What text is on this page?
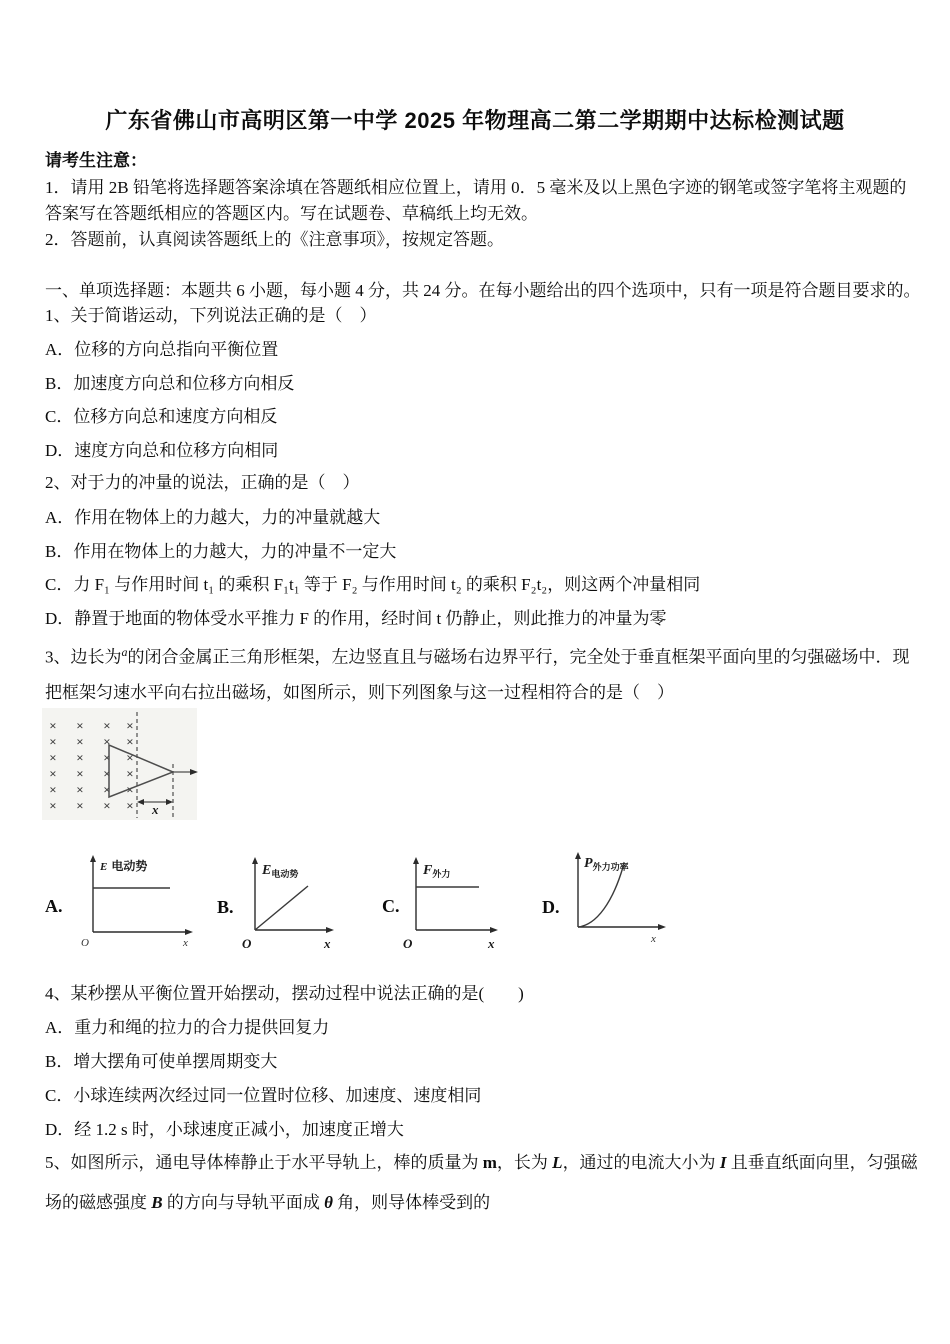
广东省佛山市高明区第一中学 2025 年物理高二第二学期期中达标检测试题
请考生注意：
1．请用 2B 铅笔将选择题答案涂填在答题纸相应位置上，请用 0．5 毫米及以上黑色字迹的钢笔或签字笔将主观题的
答案写在答题纸相应的答题区内。写在试题卷、草稿纸上均无效。
2．答题前，认真阅读答题纸上的《注意事项》，按规定答题。
一、单项选择题：本题共 6 小题，每小题 4 分，共 24 分。在每小题给出的四个选项中，只有一项是符合题目要求的。
1、关于简谐运动，下列说法正确的是（　）
A．位移的方向总指向平衡位置
B．加速度方向总和位移方向相反
C．位移方向总和速度方向相反
D．速度方向总和位移方向相同
2、对于力的冲量的说法，正确的是（　）
A．作用在物体上的力越大，力的冲量就越大
B．作用在物体上的力越大，力的冲量不一定大
C．力 F₁ 与作用时间 t₁ 的乘积 F₁t₁ 等于 F₂ 与作用时间 t₂ 的乘积 F₂t₂，则这两个冲量相同
D．静置于地面的物体受水平推力 F 的作用，经时间 t 仍静止，则此推力的冲量为零
3、边长为$^a$的闭合金属正三角形框架，左边竖直且与磁场右边界平行，完全处于垂直框架平面向里的匀强磁场中．现
把框架匀速水平向右拉出磁场，如图所示，则下列图象与这一过程相符合的是（　）
× × × ×
× × × ×
× × × ×
× × × ×
× × × ×
× × × × x
A.
E 电动势
O	x
B.
E电动势
O	x
C.
F外力
O	x
D.
P外力功率
x
4、某秒摆从平衡位置开始摆动，摆动过程中说法正确的是(　　)
A．重力和绳的拉力的合力提供回复力
B．增大摆角可使单摆周期变大
C．小球连续两次经过同一位置时位移、加速度、速度相同
D．经 1.2 s 时，小球速度正减小，加速度正增大
5、如图所示，通电导体棒静止于水平导轨上，棒的质量为 m，长为 L，通过的电流大小为 I 且垂直纸面向里，匀强磁
场的磁感强度 B 的方向与导轨平面成 θ 角，则导体棒受到的
